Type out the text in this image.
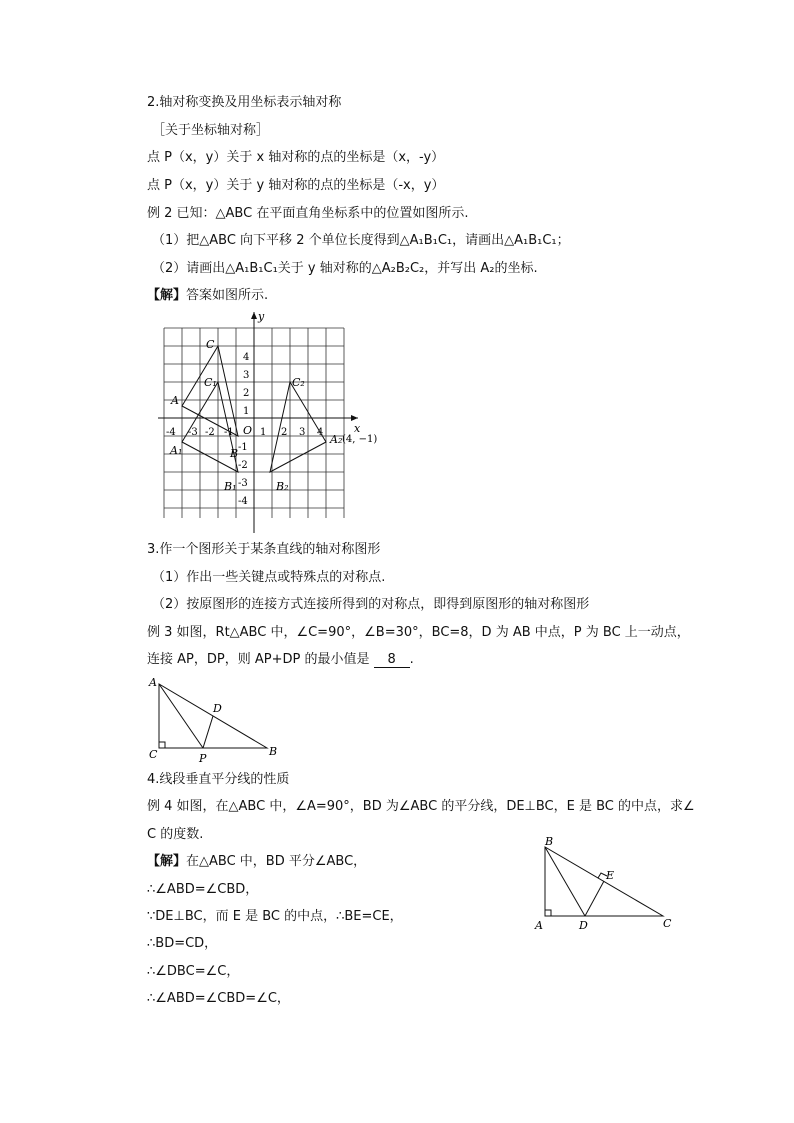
2.轴对称变换及用坐标表示轴对称
［关于坐标轴对称］
点 P（x，y）关于 x 轴对称的点的坐标是（x，-y）
点 P（x，y）关于 y 轴对称的点的坐标是（-x，y）
例 2 已知：△ABC 在平面直角坐标系中的位置如图所示.
（1）把△ABC 向下平移 2 个单位长度得到△A₁B₁C₁，请画出△A₁B₁C₁；
（2）请画出△A₁B₁C₁关于 y 轴对称的△A₂B₂C₂，并写出 A₂的坐标.
【解】答案如图所示.
x
y
O
-4 -3 -2 -1	1 2 3 4
4
3
2
1
-1
-2
-3
-4
A
B
C
A₁
B₁
C₁
A₂
B₂
C₂
(4, −1)
3.作一个图形关于某条直线的轴对称图形
（1）作出一些关键点或特殊点的对称点.
（2）按原图形的连接方式连接所得到的对称点，即得到原图形的轴对称图形
例 3 如图，Rt△ABC 中，∠C=90°，∠B=30°，BC=8，D 为 AB 中点，P 为 BC 上一动点，
连接 AP，DP，则 AP+DP 的最小值是 8 .
A
B
C
D
P
4.线段垂直平分线的性质
例 4 如图，在△ABC 中，∠A=90°，BD 为∠ABC 的平分线，DE⊥BC，E 是 BC 的中点，求∠
C 的度数.
【解】在△ABC 中，BD 平分∠ABC，
∴∠ABD=∠CBD，
∵DE⊥BC，而 E 是 BC 的中点，∴BE=CE，
∴BD=CD，
∴∠DBC=∠C，
∴∠ABD=∠CBD=∠C，
B
A	D	C
E
